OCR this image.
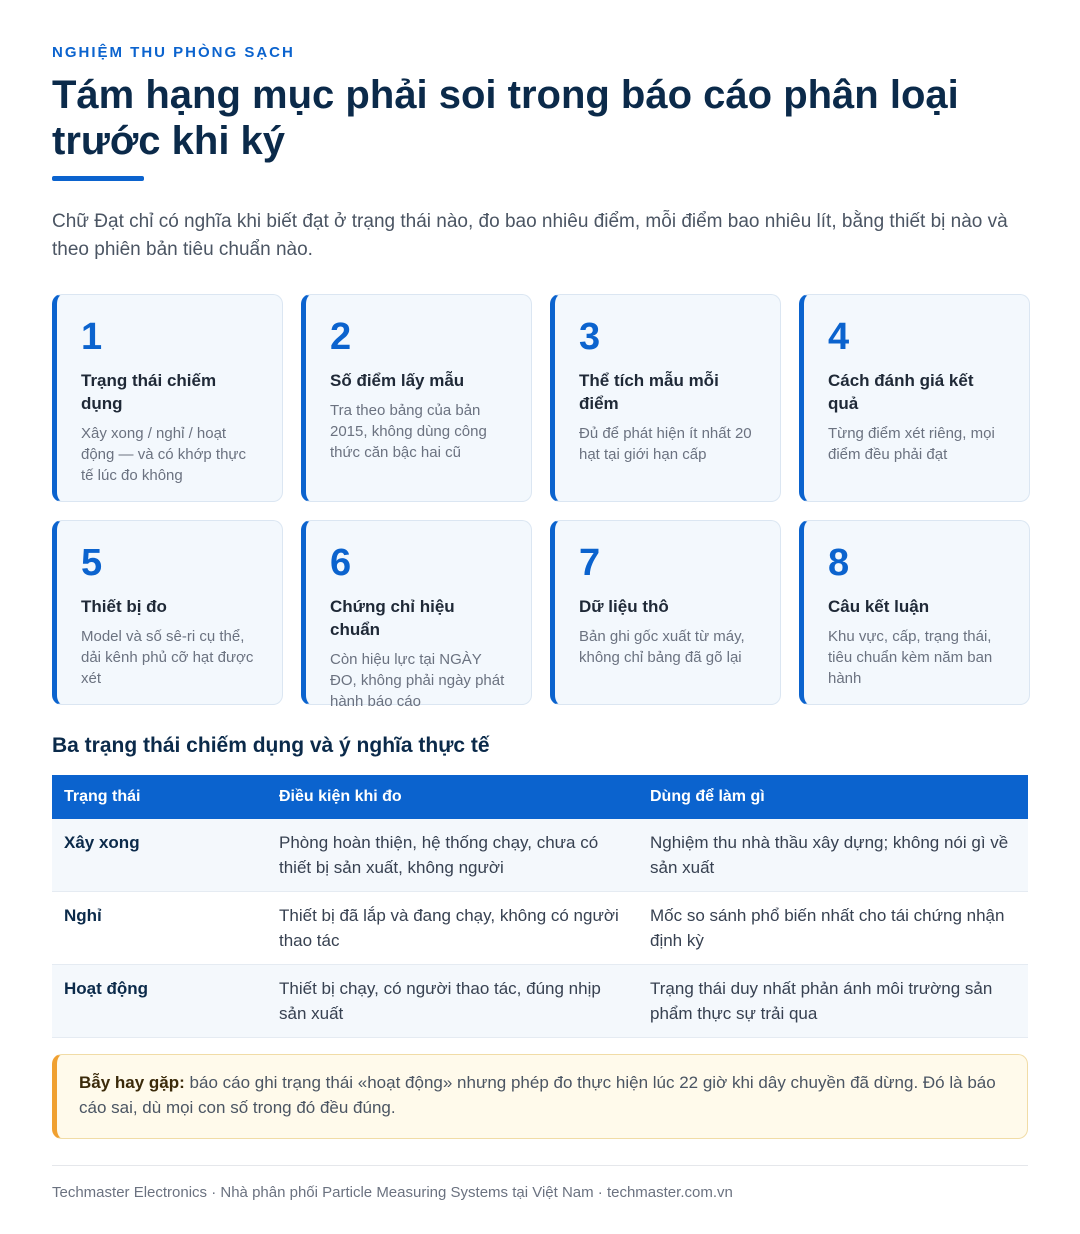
NGHIỆM THU PHÒNG SẠCH
Tám hạng mục phải soi trong báo cáo phân loại trước khi ký

Chữ Đạt chỉ có nghĩa khi biết đạt ở trạng thái nào, đo bao nhiêu điểm, mỗi điểm bao nhiêu lít, bằng thiết bị nào và theo phiên bản tiêu chuẩn nào.

1
Trạng thái chiếm dụng
Xây xong / nghỉ / hoạt động — và có khớp thực tế lúc đo không
2
Số điểm lấy mẫu
Tra theo bảng của bản 2015, không dùng công thức căn bậc hai cũ
3
Thể tích mẫu mỗi điểm
Đủ để phát hiện ít nhất 20 hạt tại giới hạn cấp
4
Cách đánh giá kết quả
Từng điểm xét riêng, mọi điểm đều phải đạt
5
Thiết bị đo
Model và số sê-ri cụ thể, dải kênh phủ cỡ hạt được xét
6
Chứng chỉ hiệu chuẩn
Còn hiệu lực tại NGÀY ĐO, không phải ngày phát hành báo cáo
7
Dữ liệu thô
Bản ghi gốc xuất từ máy, không chỉ bảng đã gõ lại
8
Câu kết luận
Khu vực, cấp, trạng thái, tiêu chuẩn kèm năm ban hành
Ba trạng thái chiếm dụng và ý nghĩa thực tế
Trạng thái	Điều kiện khi đo	Dùng để làm gì
Xây xong	Phòng hoàn thiện, hệ thống chạy, chưa có thiết bị sản xuất, không người	Nghiệm thu nhà thầu xây dựng; không nói gì về sản xuất
Nghỉ	Thiết bị đã lắp và đang chạy, không có người thao tác	Mốc so sánh phổ biến nhất cho tái chứng nhận định kỳ
Hoạt động	Thiết bị chạy, có người thao tác, đúng nhịp sản xuất	Trạng thái duy nhất phản ánh môi trường sản phẩm thực sự trải qua
Bẫy hay gặp: báo cáo ghi trạng thái «hoạt động» nhưng phép đo thực hiện lúc 22 giờ khi dây chuyền đã dừng. Đó là báo cáo sai, dù mọi con số trong đó đều đúng.
Techmaster Electronics · Nhà phân phối Particle Measuring Systems tại Việt Nam · techmaster.com.vn
